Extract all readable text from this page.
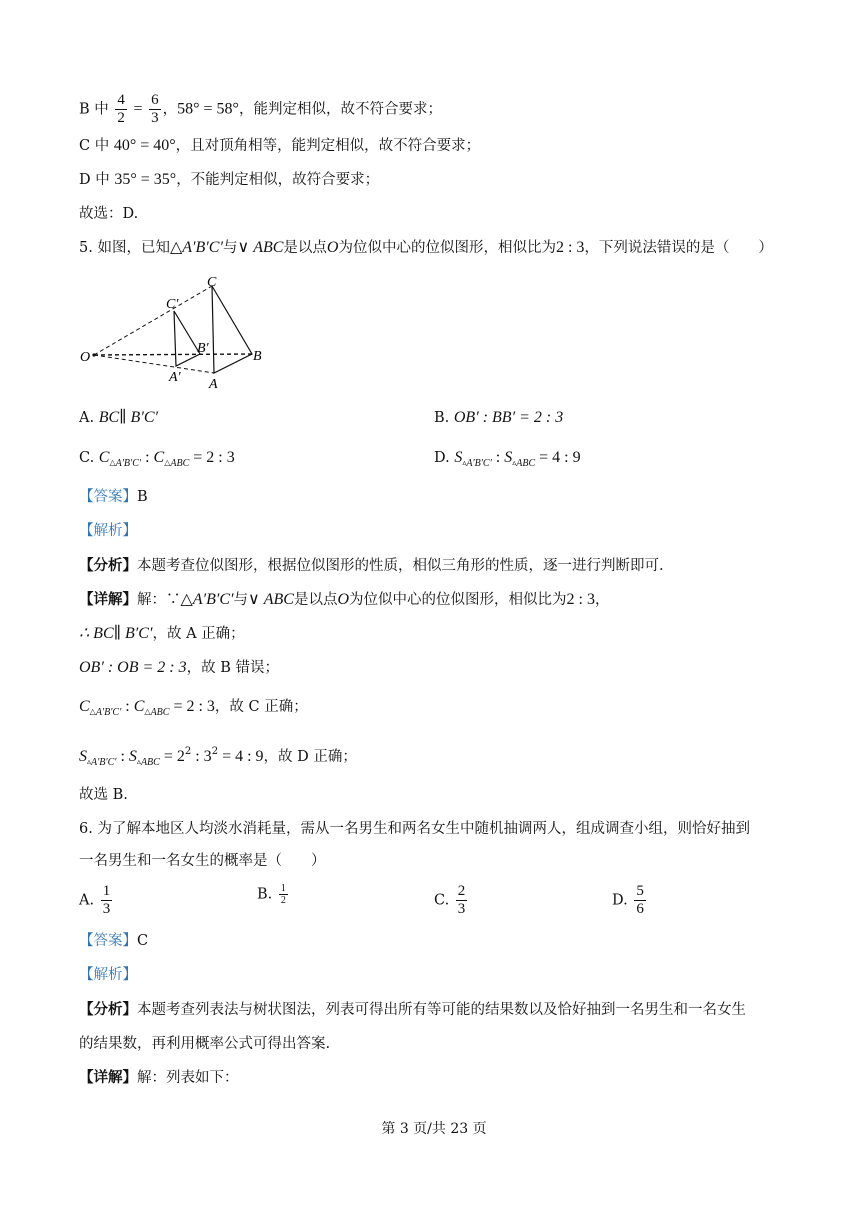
B 中 $\frac{4}{2} = \frac{6}{3}$ ，58° = 58°，能判定相似，故不符合要求；
C 中 40° = 40°，且对顶角相等，能判定相似，故不符合要求；
D 中 35° = 35°，不能判定相似，故符合要求；
故选：D.
5. 如图，已知△A′B′C′与∨ ABC是以点O为位似中心的位似图形，相似比为2 : 3，下列说法错误的是（　　）
O
C
C′
B′
B
A′ A
A. BC∥ B′C′	B. OB′ : BB′ = 2 : 3
C. $C_{\triangle A'B'C'}$ : $C_{\triangle ABC} = 2$ : 3	D. $S_{▵A'B'C'}$ : $S_{▵ABC} = 4$ : 9
【答案】B
【解析】
【分析】本题考查位似图形，根据位似图形的性质，相似三角形的性质，逐一进行判断即可.
【详解】解：∵△A′B′C′与∨ ABC是以点O为位似中心的位似图形，相似比为2 : 3，
∴ BC∥ B′C′，故 A 正确；
OB′ : OB = 2 : 3，故 B 错误；
$C_{\triangle A'B'C'}$ : $C_{\triangle ABC} = 2$ : 3，故 C 正确；
$S_{▵A'B'C'}$ : $S_{▵ABC} = 2^2$ : $3^2 = 4$ : 9，故 D 正确；
故选 B.
6. 为了解本地区人均淡水消耗量，需从一名男生和两名女生中随机抽调两人，组成调查小组，则恰好抽到
一名男生和一名女生的概率是（　　）
A. $\frac{1}{3}$	B. $\frac{1}{2}$	C. $\frac{2}{3}$	D. $\frac{5}{6}$
【答案】C
【解析】
【分析】本题考查列表法与树状图法，列表可得出所有等可能的结果数以及恰好抽到一名男生和一名女生
的结果数，再利用概率公式可得出答案.
【详解】解：列表如下：
第 3 页/共 23 页
